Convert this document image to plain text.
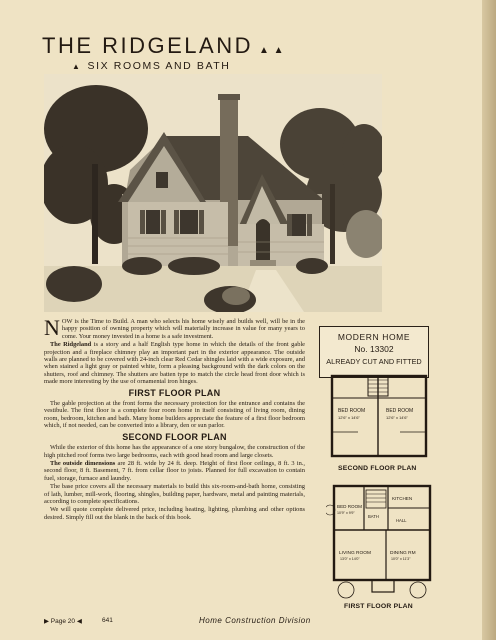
THE RIDGELAND ▲ ▲
▲ SIX ROOMS AND BATH

NOW is the Time to Build. A man who selects his home wisely and builds well, will be in the happy position of owning property which will materially increase in value for many years to come. Your money invested in a home is a safe investment.

The Ridgeland is a story and a half English type home in which the details of the front gable projection and a fireplace chimney play an important part in the exterior appearance. The outside walls are planned to be covered with 24-inch clear Red Cedar shingles laid with a wide exposure, and when stained a light gray or painted white, form a pleasing background with the dark colors on the shutters, roof and chimney. The shutters are batten type to match the circle head front door which is made more interesting by the use of ornamental iron hinges.

FIRST FLOOR PLAN

The gable projection at the front forms the necessary protection for the entrance and contains the vestibule. The first floor is a complete four room home in itself consisting of living room, dining room, bedroom, kitchen and bath. Many home builders appreciate the feature of a first floor bedroom which, if not needed, can be converted into a library, den or sun parlor.

SECOND FLOOR PLAN

While the exterior of this home has the appearance of a one story bungalow, the construction of the high pitched roof forms two large bedrooms, each with good head room and large closets.

The outside dimensions are 28 ft. wide by 24 ft. deep. Height of first floor ceilings, 8 ft. 3 in., second floor, 8 ft. Basement, 7 ft. from cellar floor to joists. Planned for full excavation to contain fuel, storage, furnace and laundry.

The base price covers all the necessary materials to build this six-room-and-bath home, consisting of lath, lumber, mill-work, flooring, shingles, building paper, hardware, metal and painting materials, according to complete specifications.

We will quote complete delivered price, including heating, lighting, plumbing and other options desired. Simply fill out the blank in the back of this book.

MODERN HOME
No. 13302
ALREADY CUT AND FITTED
BED ROOM
12'6" x 14'6"
BED ROOM
12'6" x 14'6"
SECOND FLOOR PLAN
BED ROOM
10'9" x 9'9"
KITCHEN
BATH
HALL
LIVING ROOM
13'0" x 14'0"
DINING RM
10'0" x 11'3"
FIRST FLOOR PLAN
▶ Page 20 ◀	641	Home Construction Division
